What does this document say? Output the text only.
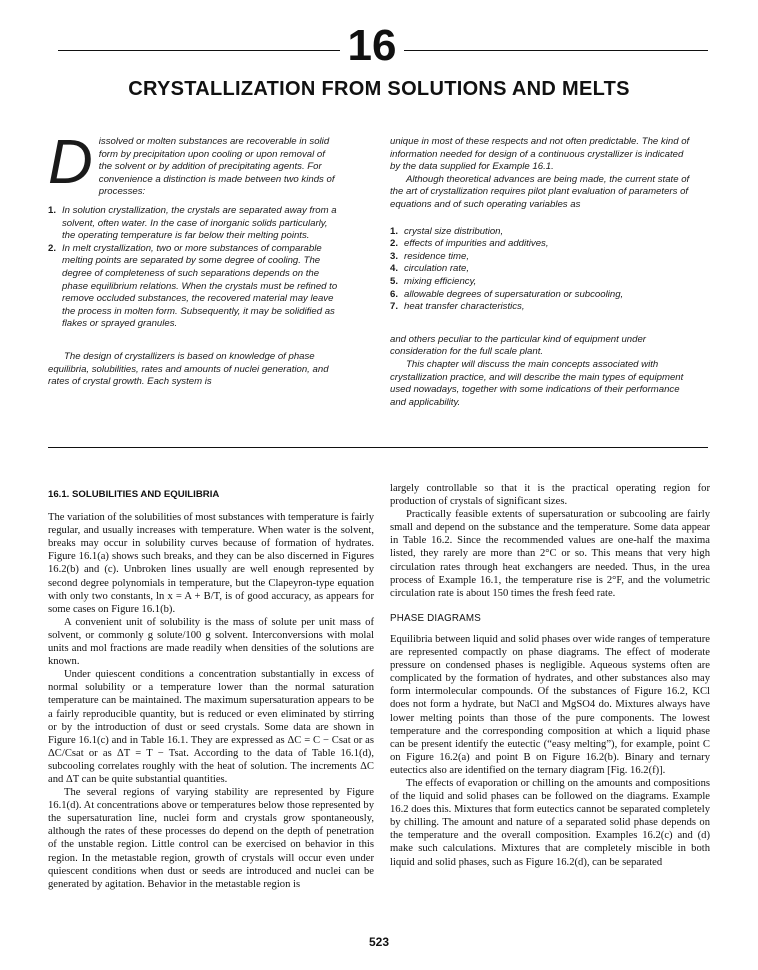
16
CRYSTALLIZATION FROM SOLUTIONS AND MELTS

Dissolved or molten substances are recoverable in solid form by precipitation upon cooling or upon removal of the solvent or by addition of precipitating agents. For convenience a distinction is made between two kinds of processes:

1. In solution crystallization, the crystals are separated away from a solvent, often water. In the case of inorganic solids particularly, the operating temperature is far below their melting points.
2. In melt crystallization, two or more substances of comparable melting points are separated by some degree of cooling. The degree of completeness of such separations depends on the phase equilibrium relations. When the crystals must be refined to remove occluded substances, the recovered material may leave the process in molten form. Subsequently, it may be solidified as flakes or sprayed granules.

The design of crystallizers is based on knowledge of phase equilibria, solubilities, rates and amounts of nuclei generation, and rates of crystal growth. Each system is

unique in most of these respects and not often predictable. The kind of information needed for design of a continuous crystallizer is indicated by the data supplied for Example 16.1.

Although theoretical advances are being made, the current state of the art of crystallization requires pilot plant evaluation of parameters of equations and of such operating variables as

1. crystal size distribution,
2. effects of impurities and additives,
3. residence time,
4. circulation rate,
5. mixing efficiency,
6. allowable degrees of supersaturation or subcooling,
7. heat transfer characteristics,

and others peculiar to the particular kind of equipment under consideration for the full scale plant.

This chapter will discuss the main concepts associated with crystallization practice, and will describe the main types of equipment used nowadays, together with some indications of their performance and applicability.

16.1. SOLUBILITIES AND EQUILIBRIA

The variation of the solubilities of most substances with temperature is fairly regular, and usually increases with temperature. When water is the solvent, breaks may occur in solubility curves because of formation of hydrates. Figure 16.1(a) shows such breaks, and they can be also discerned in Figures 16.2(b) and (c). Unbroken lines usually are well enough represented by second degree polynomials in temperature, but the Clapeyron-type equation with only two constants, ln x = A + B/T, is of good accuracy, as appears for some cases on Figure 16.1(b).

A convenient unit of solubility is the mass of solute per unit mass of solvent, or commonly g solute/100 g solvent. Interconversions with molal units and mol fractions are made readily when densities of the solutions are known.

Under quiescent conditions a concentration substantially in excess of normal solubility or a temperature lower than the normal saturation temperature can be maintained. The maximum supersaturation appears to be a fairly reproducible quantity, but is reduced or even eliminated by stirring or by the introduction of dust or seed crystals. Some data are shown in Figure 16.1(c) and in Table 16.1. They are expressed as ΔC = C − Csat or as ΔC/Csat or as ΔT = T − Tsat. According to the data of Table 16.1(d), subcooling correlates roughly with the heat of solution. The increments ΔC and ΔT can be quite substantial quantities.

The several regions of varying stability are represented by Figure 16.1(d). At concentrations above or temperatures below those represented by the supersaturation line, nuclei form and crystals grow spontaneously, although the rates of these processes do depend on the depth of penetration of the unstable region. Little control can be exercised on behavior in this region. In the metastable region, growth of crystals will occur even under quiescent conditions when dust or seeds are introduced and nuclei can be generated by agitation. Behavior in the metastable region is

largely controllable so that it is the practical operating region for production of crystals of significant sizes.

Practically feasible extents of supersaturation or subcooling are fairly small and depend on the substance and the temperature. Some data appear in Table 16.2. Since the recommended values are one-half the maxima listed, they rarely are more than 2°C or so. This means that very high circulation rates through heat exchangers are needed. Thus, in the urea process of Example 16.1, the temperature rise is 2°F, and the volumetric circulation rate is about 150 times the fresh feed rate.

PHASE DIAGRAMS

Equilibria between liquid and solid phases over wide ranges of temperature are represented compactly on phase diagrams. The effect of moderate pressure on condensed phases is negligible. Aqueous systems often are complicated by the formation of hydrates, and other substances also may form intermolecular compounds. Of the substances of Figure 16.2, KCl does not form a hydrate, but NaCl and MgSO4 do. Mixtures always have lower melting points than those of the pure components. The lowest temperature and the corresponding composition at which a liquid phase can be present identify the eutectic (“easy melting”), for example, point C on Figure 16.2(a) and point B on Figure 16.2(b). Binary and ternary eutectics also are identified on the ternary diagram [Fig. 16.2(f)].

The effects of evaporation or chilling on the amounts and compositions of the liquid and solid phases can be followed on the diagrams. Example 16.2 does this. Mixtures that form eutectics cannot be separated completely by chilling. The amount and nature of a separated solid phase depends on the temperature and the overall composition. Examples 16.2(c) and (d) make such calculations. Mixtures that are completely miscible in both liquid and solid phases, such as Figure 16.2(d), can be separated

523
